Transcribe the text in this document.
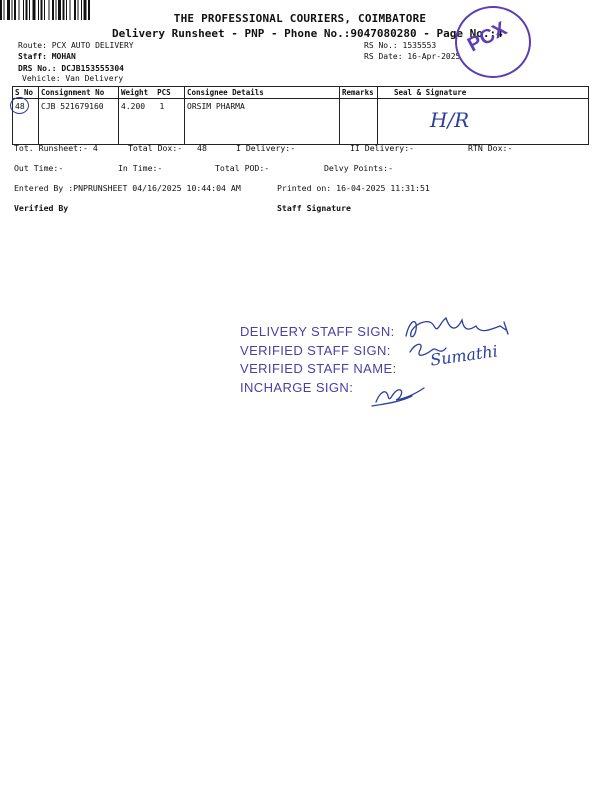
THE PROFESSIONAL COURIERS, COIMBATORE
Delivery Runsheet - PNP - Phone No.:9047080280 - Page No.:4
Route: PCX AUTO DELIVERY
Staff: MOHAN
DRS No.: DCJB153555304
Vehicle: Van Delivery
RS No.: 1535553
RS Date: 16-Apr-2025
PCX
S No	Consignment No	Weight PCS	Consignee Details	Remarks	Seal & Signature
48	CJB 521679160	4.200 1	ORSIM PHARMA		H/R
Tot. Runsheet:- 4	Total Dox:-   48	I Delivery:-	II Delivery:-	RTN Dox:-
Out Time:-	In Time:-	Total POD:-	Delvy Points:-
Entered By :PNPRUNSHEET 04/16/2025 10:44:04 AM	Printed on: 16-04-2025 11:31:51
Verified By	Staff Signature
DELIVERY STAFF SIGN:
VERIFIED STAFF SIGN:
VERIFIED STAFF NAME:
INCHARGE SIGN:
Sumathi
